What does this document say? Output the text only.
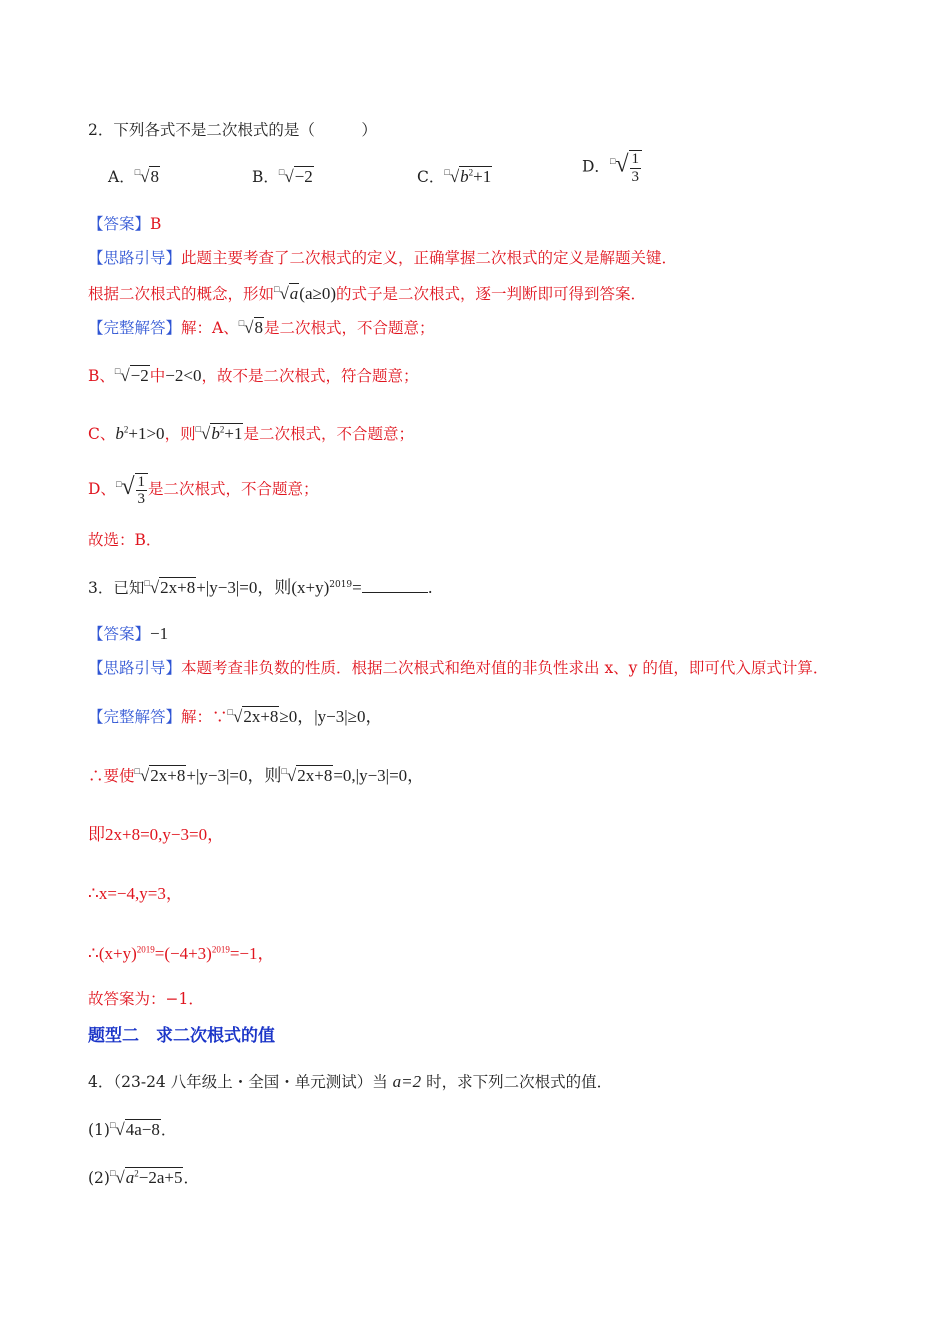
2．下列各式不是二次根式的是（　　　）
A．□√8	B．□√−2	C．$^□√b^2+1$
D．$^□√ \frac{1}{3}$
【答案】B
【思路引导】此题主要考查了二次根式的定义，正确掌握二次根式的定义是解题关键．
根据二次根式的概念，形如□√a(a≥0)的式子是二次根式，逐一判断即可得到答案．
【完整解答】解：A、□√8是二次根式，不合题意；
B、□√−2中−2<0，故不是二次根式，符合题意；
C、$b^2+1>0$，则$^□√b^2+1$是二次根式，不合题意；
D、$^□√ \frac{1}{3}$ 是二次根式，不合题意；
故选：B．
3．已知□√2x+8+|y−3|=0，则$(x+y)^{2019}=$	.
【答案】−1
【思路引导】本题考查非负数的性质．根据二次根式和绝对值的非负性求出 x、y 的值，即可代入原式计算．
【完整解答】解：∵□√2x+8≥0，|y−3|≥0，
∴要使□√2x+8+|y−3|=0，则□√2x+8=0,|y−3|=0，
即2x+8=0,y−3=0，
∴x=−4,y=3，
$\therefore(x+y)^{2019}=(-4+3)^{2019}=-1$，
故答案为：−1．
题型二　求二次根式的值
4．（23-24 八年级上・全国・单元测试）当 a=2 时，求下列二次根式的值．
(1)□√4a−8．
$(2)^□√a^2-2a+5$．
